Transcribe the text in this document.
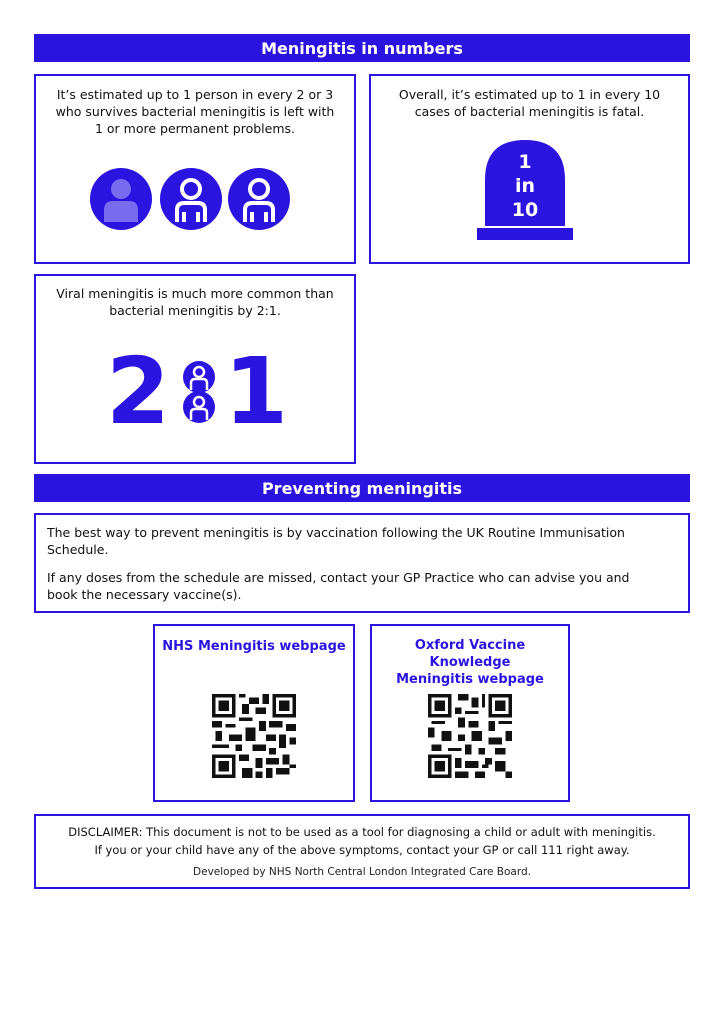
Meningitis in numbers
It’s estimated up to 1 person in every 2 or 3 who survives bacterial meningitis is left with 1 or more permanent problems.
Overall, it’s estimated up to 1 in every 10 cases of bacterial meningitis is fatal.
1
in
10
Viral meningitis is much more common than bacterial meningitis by 2:1.
2 1
Preventing meningitis
The best way to prevent meningitis is by vaccination following the UK Routine Immunisation Schedule.
If any doses from the schedule are missed, contact your GP Practice who can advise you and book the necessary vaccine(s).
NHS Meningitis webpage	Oxford Vaccine Knowledge
Meningitis webpage
DISCLAIMER: This document is not to be used as a tool for diagnosing a child or adult with meningitis.
If you or your child have any of the above symptoms, contact your GP or call 111 right away.
Developed by NHS North Central London Integrated Care Board.
